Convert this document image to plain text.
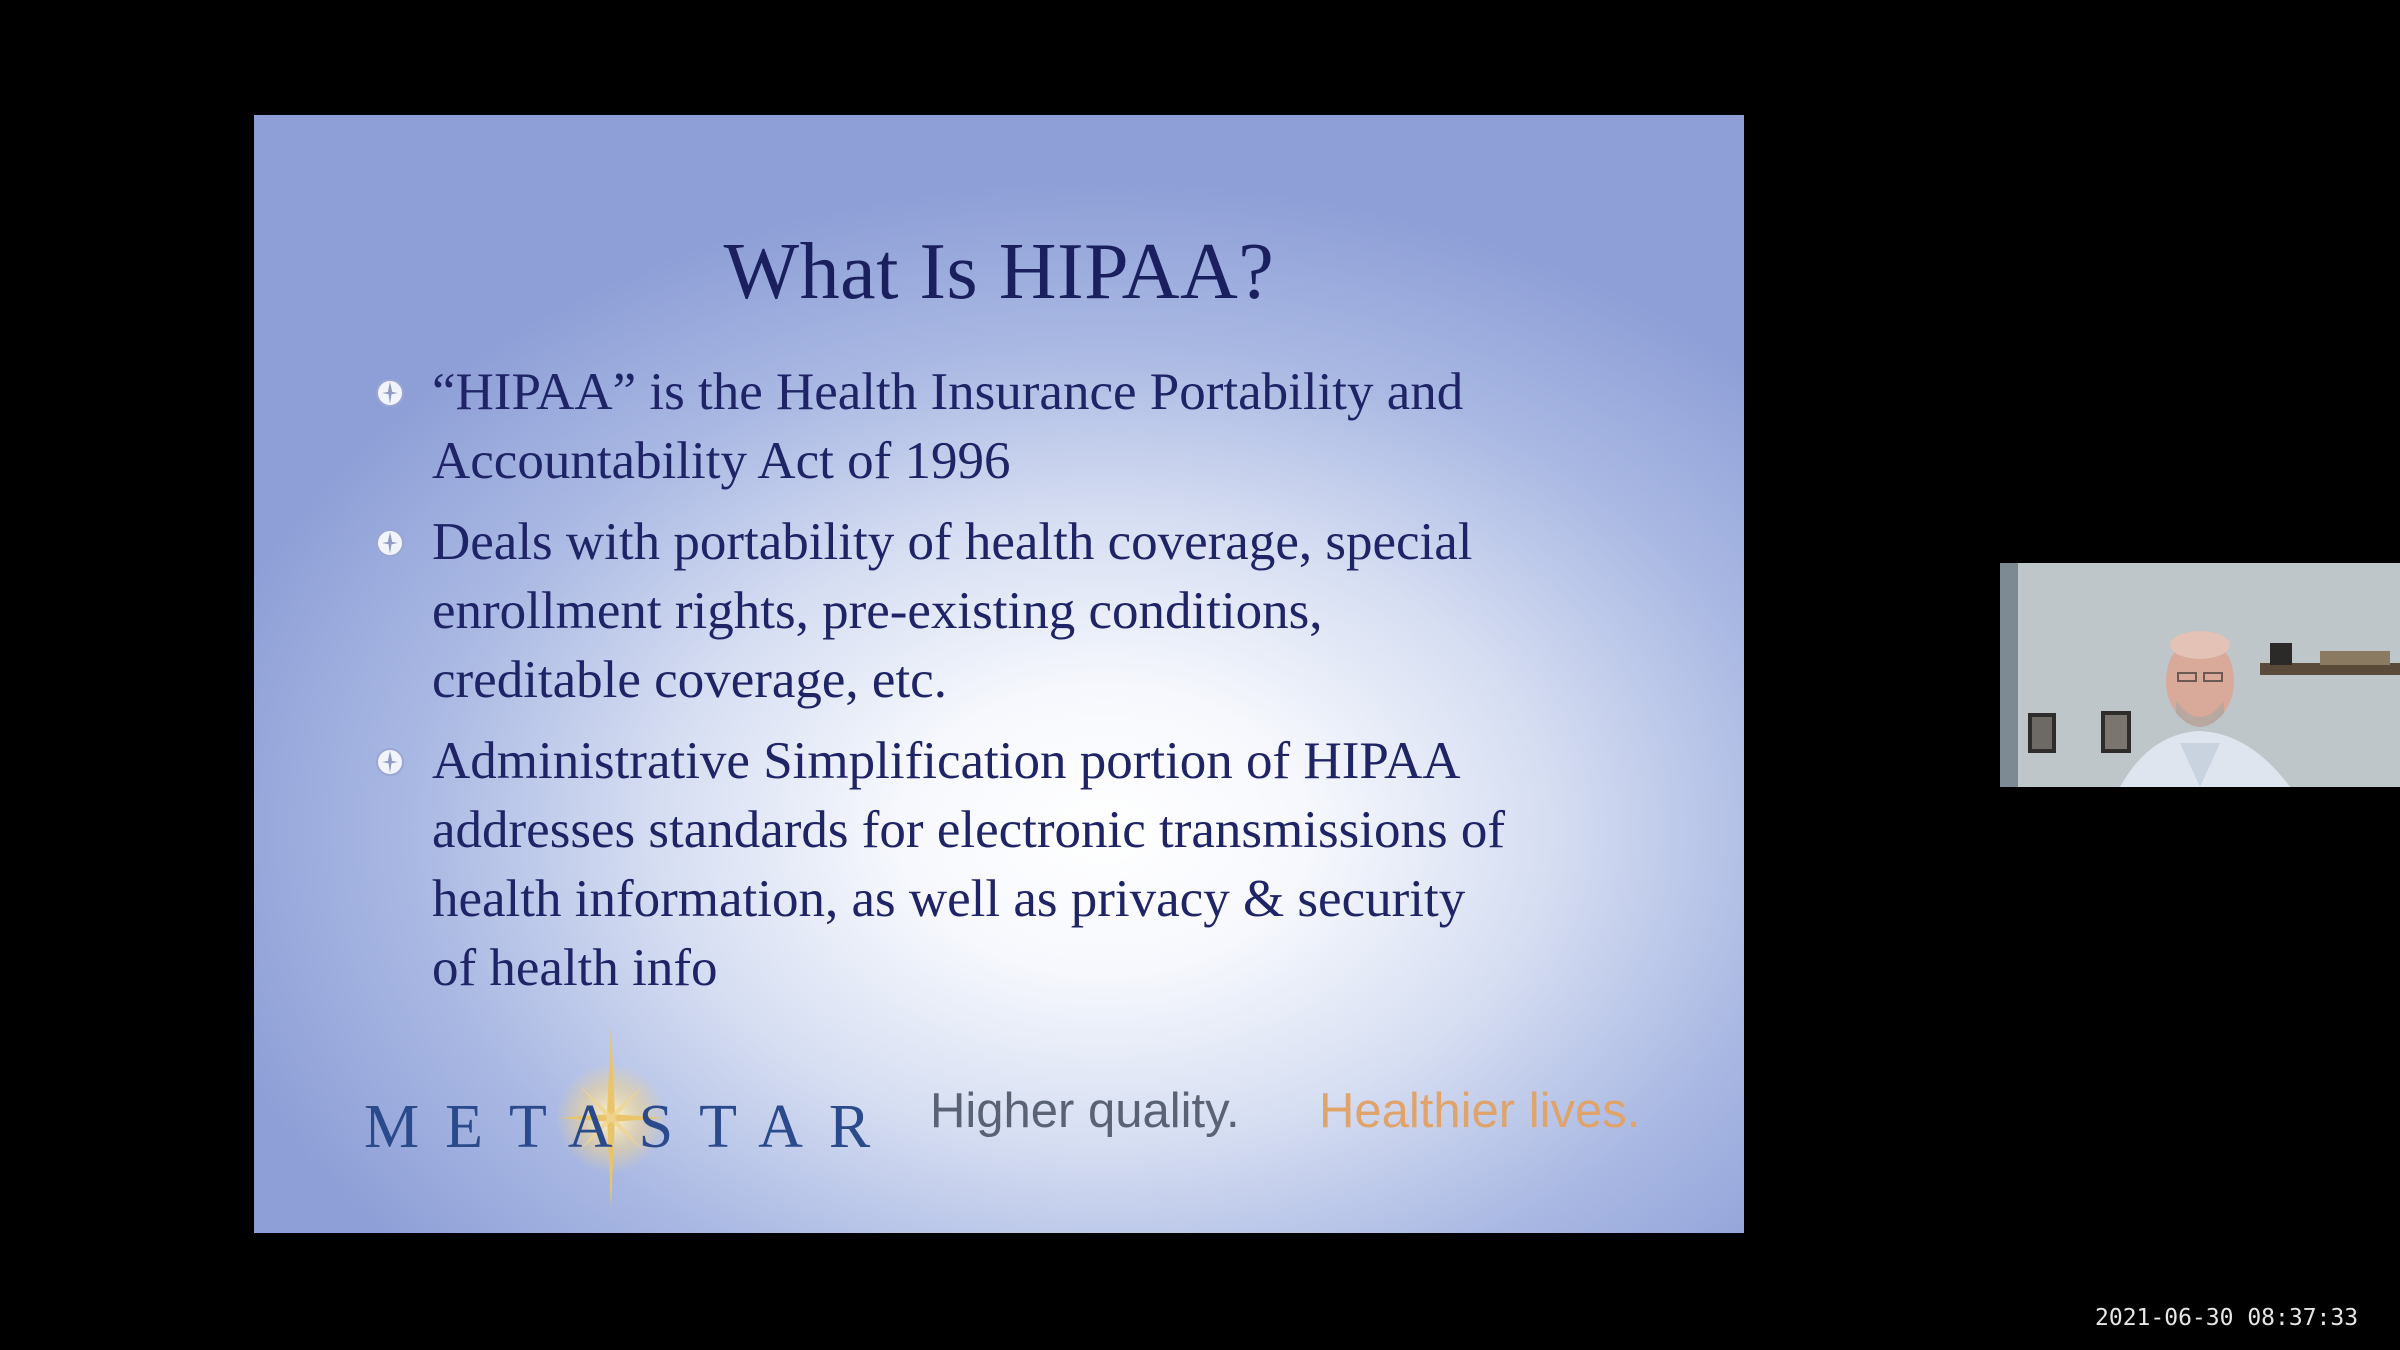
What Is HIPAA?
“HIPAA” is the Health Insurance Portability and
Accountability Act of 1996
Deals with portability of health coverage, special
enrollment rights, pre-existing conditions,
creditable coverage, etc.
Administrative Simplification portion of HIPAA
addresses standards for electronic transmissions of
health information, as well as privacy & security
of health info
METASTAR Higher quality. Healthier lives.
2021-06-30 08:37:33
